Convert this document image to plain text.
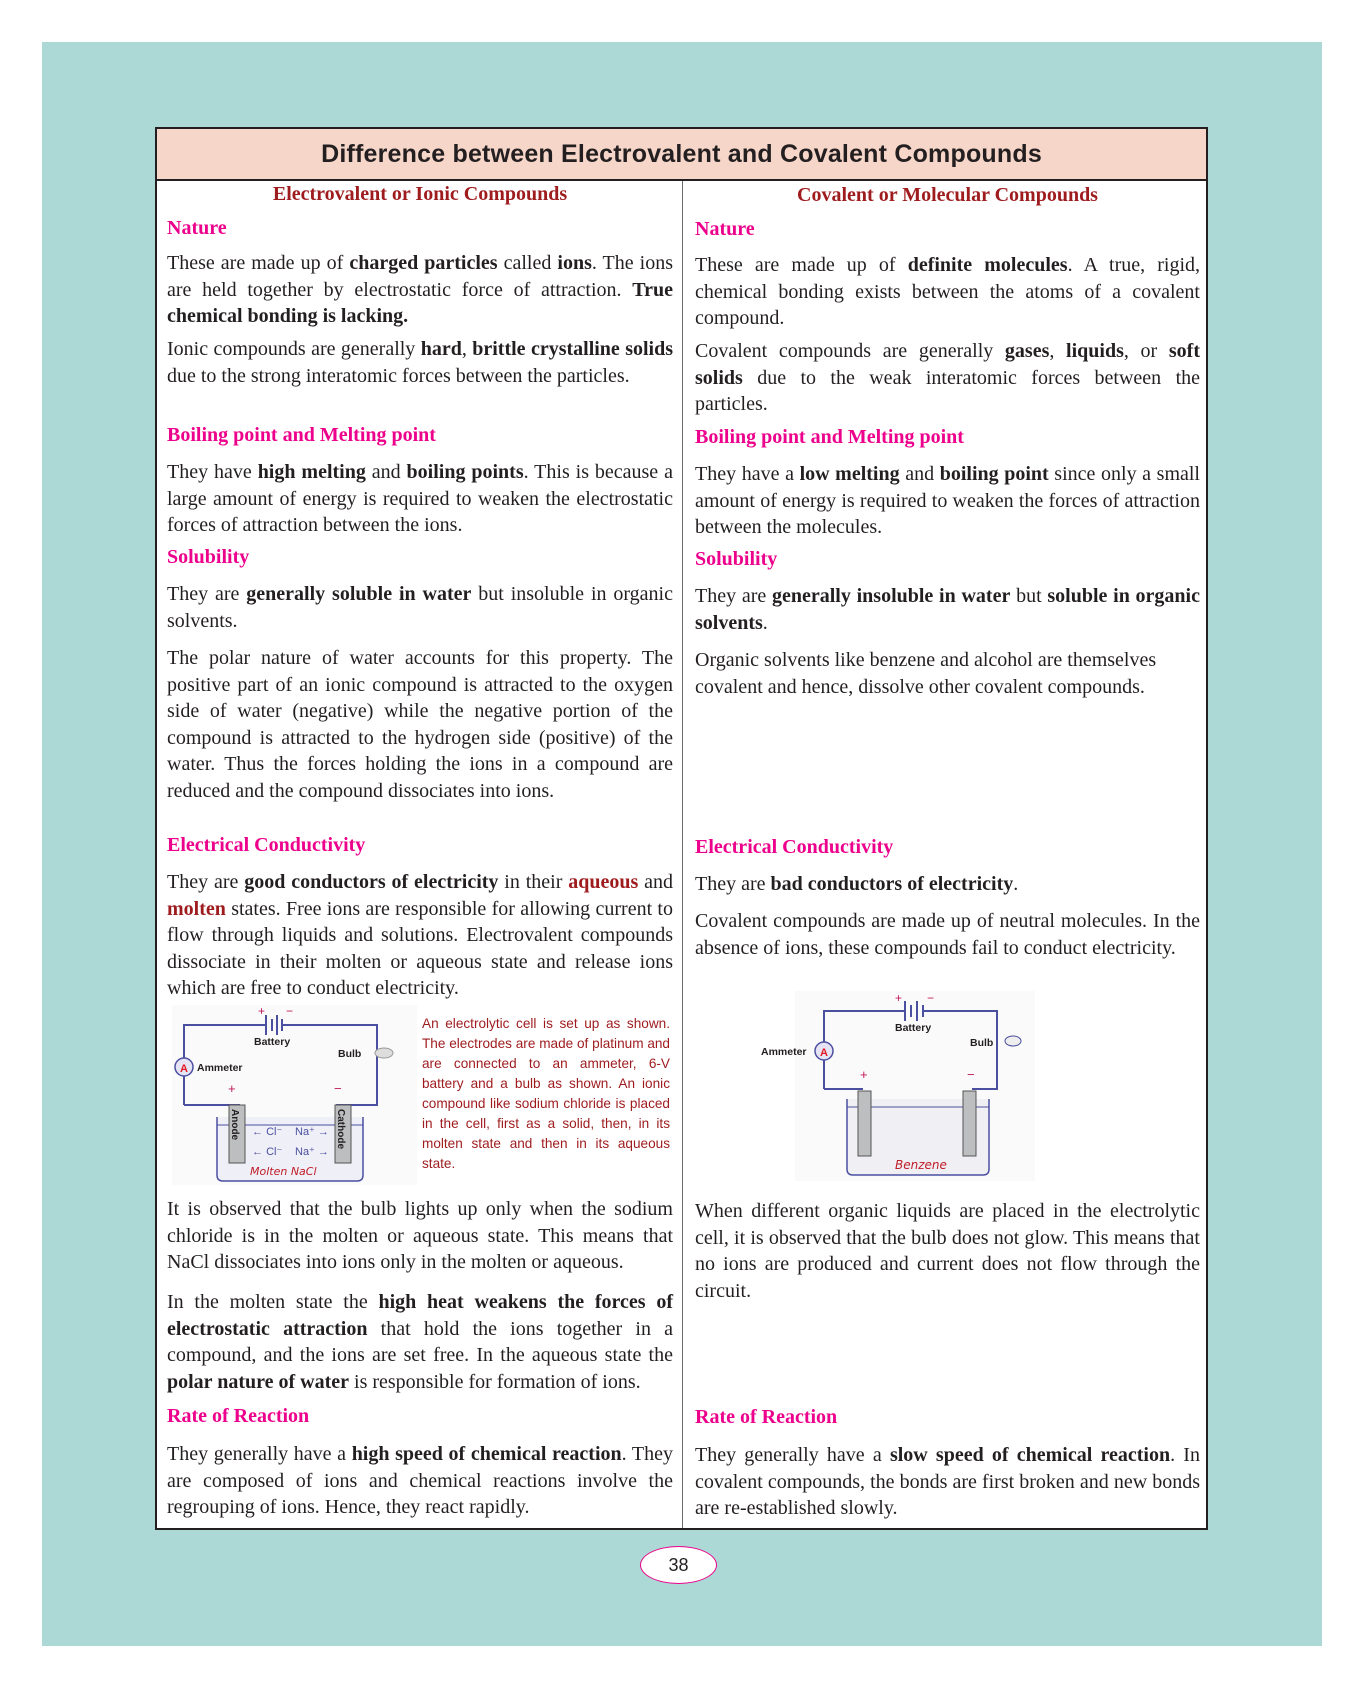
Difference between Electrovalent and Covalent Compounds
Electrovalent or Ionic Compounds
Nature
These are made up of charged particles called ions. The ions are held together by electrostatic force of attraction. True chemical bonding is lacking.
Ionic compounds are generally hard, brittle crystalline solids due to the strong interatomic forces between the particles.
Boiling point and Melting point
They have high melting and boiling points. This is because a large amount of energy is required to weaken the electrostatic forces of attraction between the ions.
Solubility
They are generally soluble in water but insoluble in organic solvents.
The polar nature of water accounts for this property. The positive part of an ionic compound is attracted to the oxygen side of water (negative) while the negative portion of the compound is attracted to the hydrogen side (positive) of the water. Thus the forces holding the ions in a compound are reduced and the compound dissociates into ions.
Electrical Conductivity
They are good conductors of electricity in their aqueous and molten states. Free ions are responsible for allowing current to flow through liquids and solutions. Electrovalent compounds dissociate in their molten or aqueous state and release ions which are free to conduct electricity.
+ −
Battery
Bulb
A Ammeter
+	−
Anode	Cathode
← Cl⁻ Na⁺ →
← Cl⁻ Na⁺ →
Molten NaCl
An electrolytic cell is set up as shown. The electrodes are made of platinum and are connected to an ammeter, 6-V battery and a bulb as shown. An ionic compound like sodium chloride is placed in the cell, first as a solid, then, in its molten state and then in its aqueous state.
It is observed that the bulb lights up only when the sodium chloride is in the molten or aqueous state. This means that NaCl dissociates into ions only in the molten or aqueous.
In the molten state the high heat weakens the forces of electrostatic attraction that hold the ions together in a compound, and the ions are set free. In the aqueous state the polar nature of water is responsible for formation of ions.
Rate of Reaction
They generally have a high speed of chemical reaction. They are composed of ions and chemical reactions involve the regrouping of ions. Hence, they react rapidly.
Covalent or Molecular Compounds
Nature
These are made up of definite molecules. A true, rigid, chemical bonding exists between the atoms of a covalent compound.
Covalent compounds are generally gases, liquids, or soft solids due to the weak interatomic forces between the particles.
Boiling point and Melting point
They have a low melting and boiling point since only a small amount of energy is required to weaken the forces of attraction between the molecules.
Solubility
They are generally insoluble in water but soluble in organic solvents.
Organic solvents like benzene and alcohol are themselves covalent and hence, dissolve other covalent compounds.
Electrical Conductivity
They are bad conductors of electricity.
Covalent compounds are made up of neutral molecules. In the absence of ions, these compounds fail to conduct electricity.
+ −
Battery
Bulb
A
Ammeter
+	−
Benzene
When different organic liquids are placed in the electrolytic cell, it is observed that the bulb does not glow. This means that no ions are produced and current does not flow through the circuit.
Rate of Reaction
They generally have a slow speed of chemical reaction. In covalent compounds, the bonds are first broken and new bonds are re-established slowly.
38
